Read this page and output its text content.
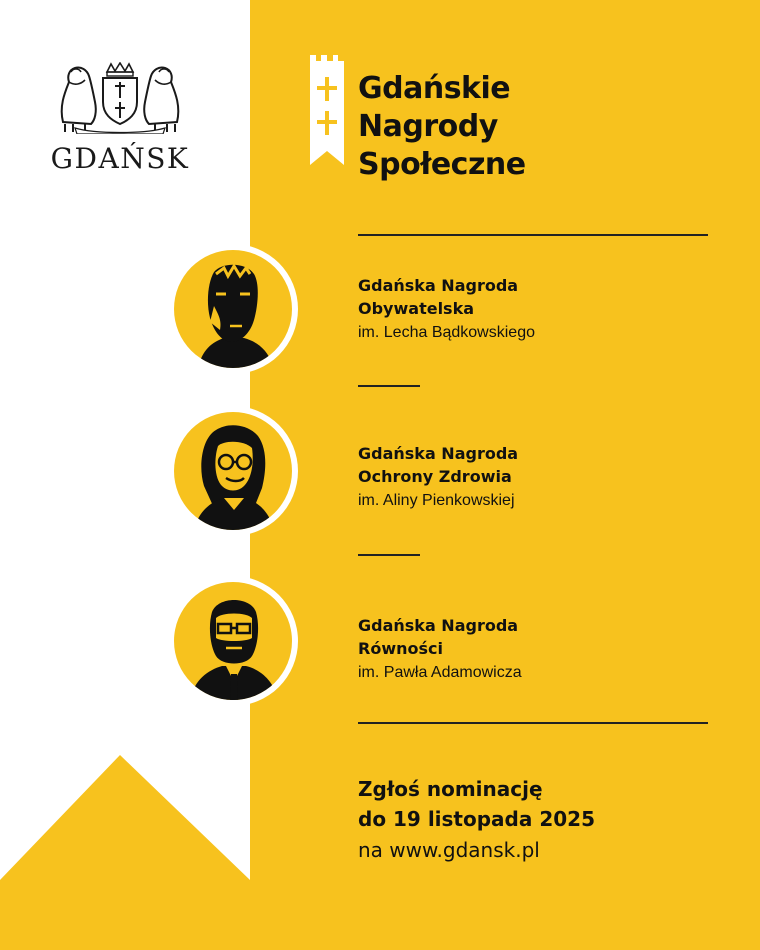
GDAŃSK
Gdańskie
Nagrody
Społeczne
Gdańska Nagroda
Obywatelska
im. Lecha Bądkowskiego
Gdańska Nagroda
Ochrony Zdrowia
im. Aliny Pienkowskiej
Gdańska Nagroda
Równości
im. Pawła Adamowicza
Zgłoś nominację
do 19 listopada 2025
na www.gdansk.pl
